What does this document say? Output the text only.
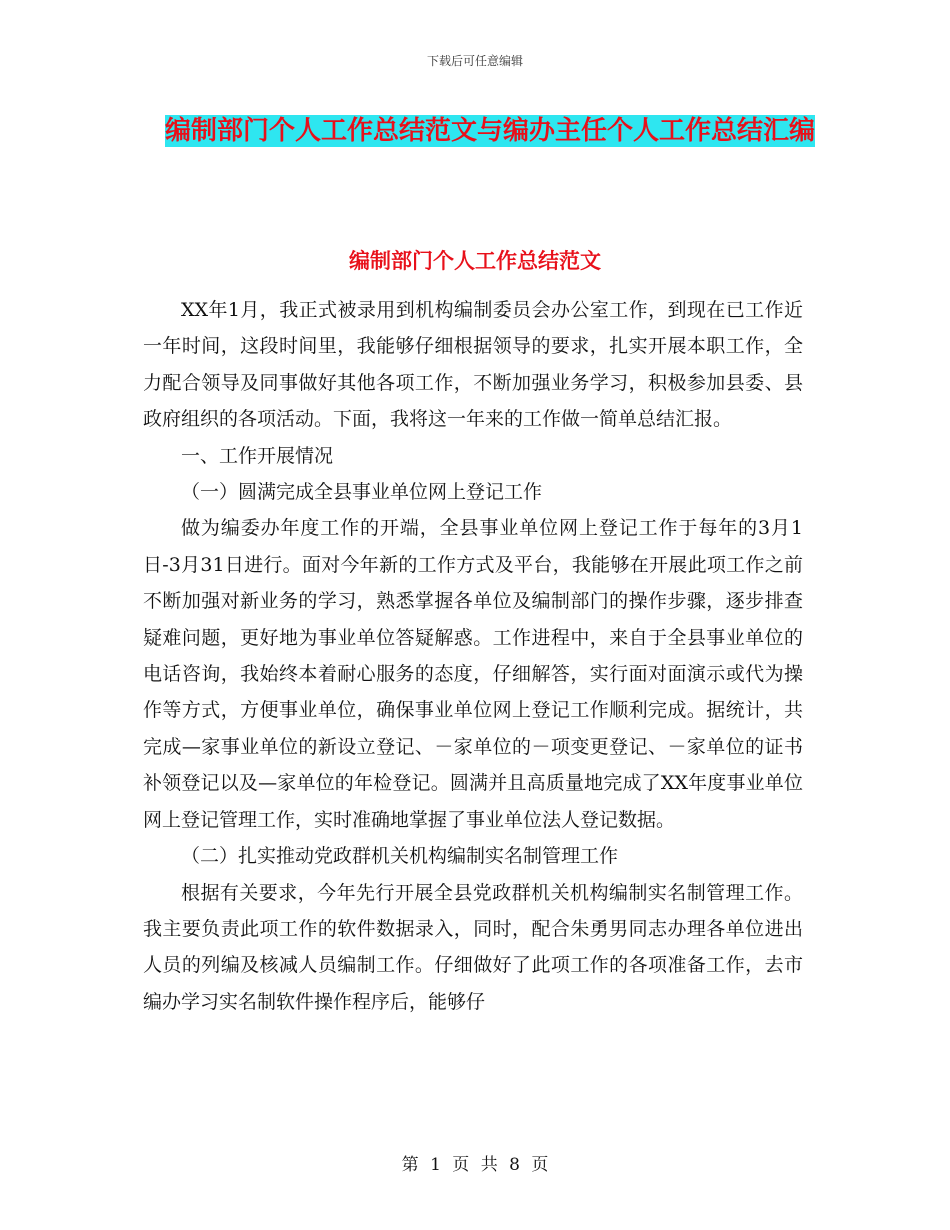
下载后可任意编辑
编制部门个人工作总结范文与编办主任个人工作总结汇编
编制部门个人工作总结范文

XX年1月，我正式被录用到机构编制委员会办公室工作，到现在已工作近一年时间，这段时间里，我能够仔细根据领导的要求，扎实开展本职工作，全力配合领导及同事做好其他各项工作，不断加强业务学习，积极参加县委、县政府组织的各项活动。下面，我将这一年来的工作做一简单总结汇报。

一、工作开展情况

（一）圆满完成全县事业单位网上登记工作

做为编委办年度工作的开端，全县事业单位网上登记工作于每年的3月1日-3月31日进行。面对今年新的工作方式及平台，我能够在开展此项工作之前不断加强对新业务的学习，熟悉掌握各单位及编制部门的操作步骤，逐步排查疑难问题，更好地为事业单位答疑解惑。工作进程中，来自于全县事业单位的电话咨询，我始终本着耐心服务的态度，仔细解答，实行面对面演示或代为操作等方式，方便事业单位，确保事业单位网上登记工作顺利完成。据统计，共完成—家事业单位的新设立登记、－家单位的－项变更登记、－家单位的证书补领登记以及—家单位的年检登记。圆满并且高质量地完成了XX年度事业单位网上登记管理工作，实时准确地掌握了事业单位法人登记数据。

（二）扎实推动党政群机关机构编制实名制管理工作

根据有关要求，今年先行开展全县党政群机关机构编制实名制管理工作。我主要负责此项工作的软件数据录入，同时，配合朱勇男同志办理各单位进出人员的列编及核减人员编制工作。仔细做好了此项工作的各项准备工作，去市编办学习实名制软件操作程序后，能够仔

第 1 页 共 8 页
